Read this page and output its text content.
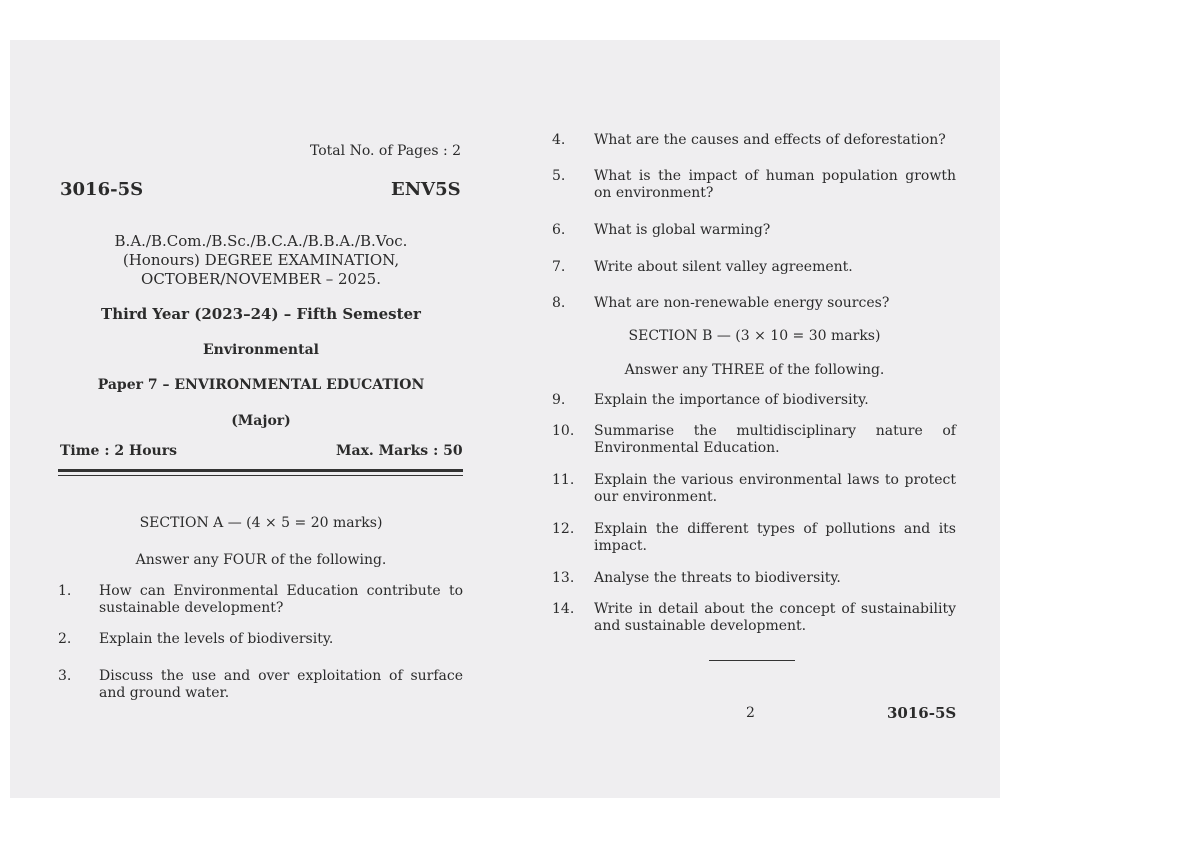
Total No. of Pages : 2
3016-5S	ENV5S
B.A./B.Com./B.Sc./B.C.A./B.B.A./B.Voc.
(Honours) DEGREE EXAMINATION,
OCTOBER/NOVEMBER – 2025.
Third Year (2023–24) – Fifth Semester
Environmental
Paper 7 – ENVIRONMENTAL EDUCATION
(Major)
Time : 2 Hours	Max. Marks : 50
SECTION A — (4 × 5 = 20 marks)
Answer any FOUR of the following.
1. How can Environmental Education contribute to sustainable development?
2. Explain the levels of biodiversity.
3. Discuss the use and over exploitation of surface and ground water.
4. What are the causes and effects of deforestation?
5. What is the impact of human population growth on environment?
6. What is global warming?
7. Write about silent valley agreement.
8. What are non-renewable energy sources?
SECTION B — (3 × 10 = 30 marks)
Answer any THREE of the following.
9. Explain the importance of biodiversity.
10. Summarise the multidisciplinary nature of Environmental Education.
11. Explain the various environmental laws to protect our environment.
12. Explain the different types of pollutions and its impact.
13. Analyse the threats to biodiversity.
14. Write in detail about the concept of sustainability and sustainable development.
2	3016-5S
